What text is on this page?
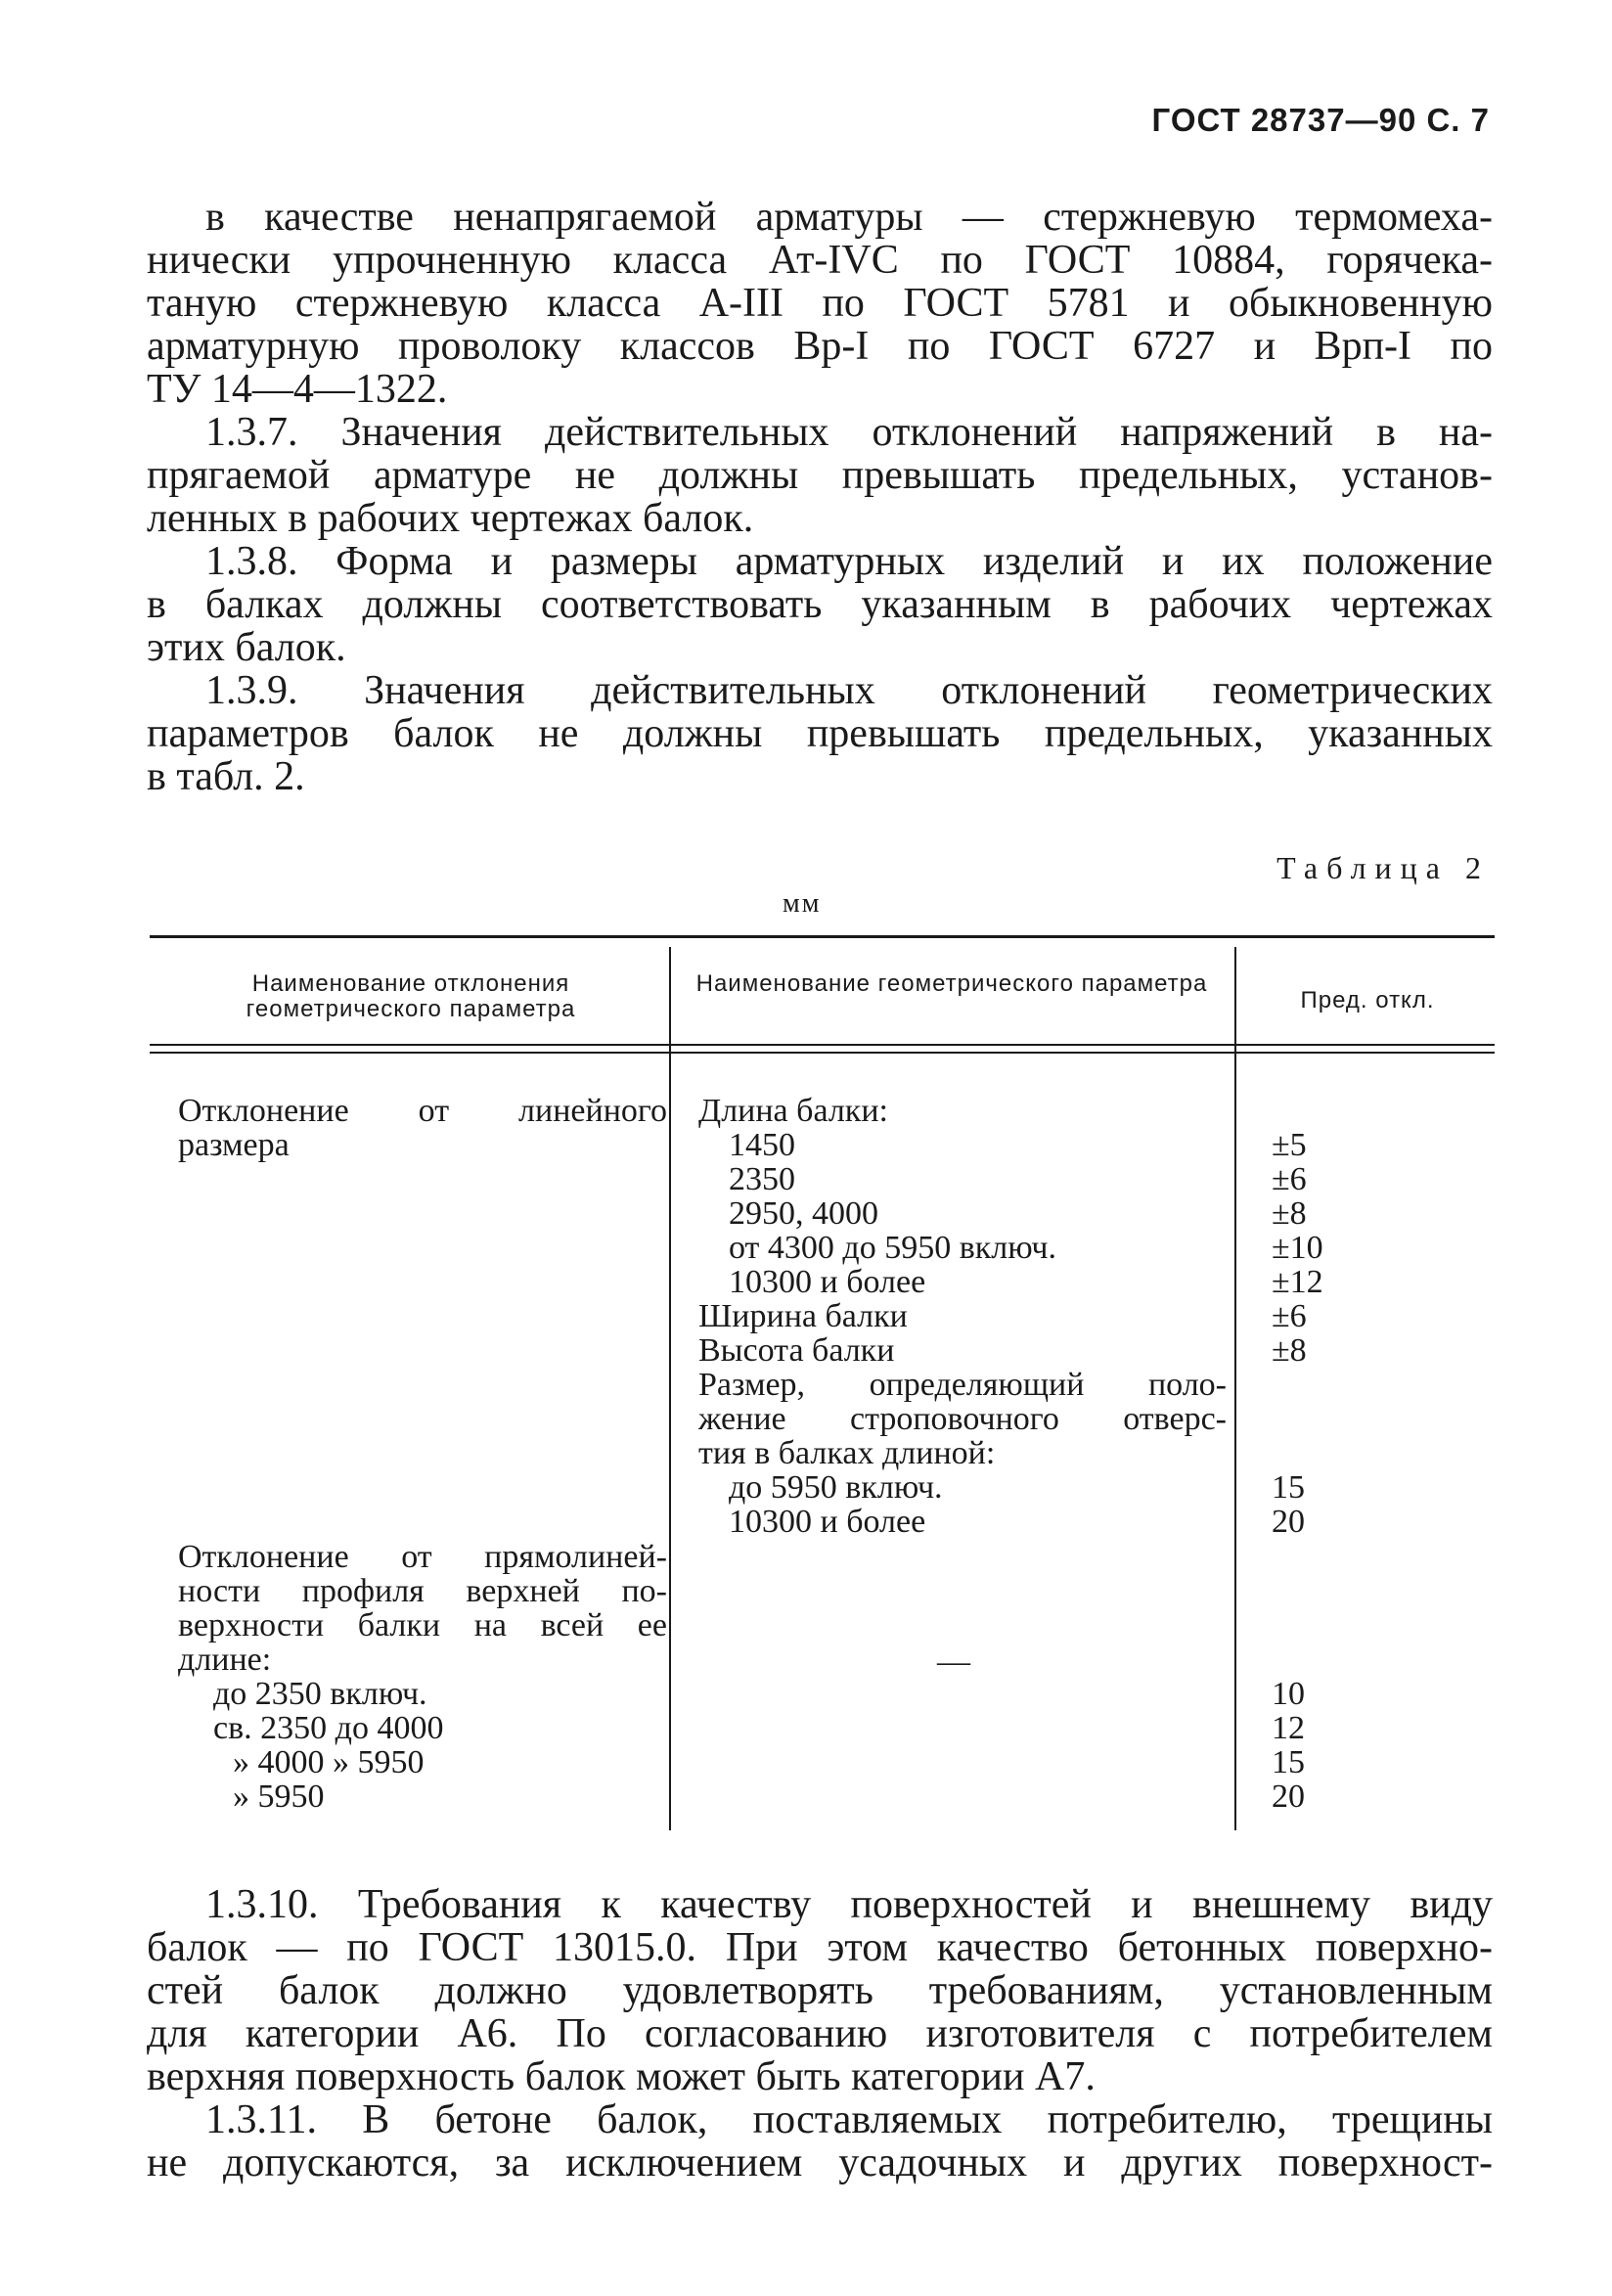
ГОСТ 28737—90 С. 7
в качестве ненапрягаемой арматуры — стержневую термомеха-
нически упрочненную класса Ат-IVС по ГОСТ 10884, горячека-
таную стержневую класса А-III по ГОСТ 5781 и обыкновенную
арматурную проволоку классов Вр-I по ГОСТ 6727 и Врп-I по
ТУ 14—4—1322.
1.3.7. Значения действительных отклонений напряжений в на-
прягаемой арматуре не должны превышать предельных, установ-
ленных в рабочих чертежах балок.
1.3.8. Форма и размеры арматурных изделий и их положение
в балках должны соответствовать указанным в рабочих чертежах
этих балок.
1.3.9. Значения действительных отклонений геометрических
параметров балок не должны превышать предельных, указанных
в табл. 2.
Таблица 2
мм
Наименование отклонения геометрического параметра
Наименование геометрического параметра
Пред. откл.
Отклонение от линейного
размера
Отклонение от прямолиней-
ности профиля верхней по-
верхности балки на всей ее
длине:
до 2350 включ.
св. 2350 до 4000
» 4000 » 5950
» 5950
Длина балки:
1450
2350
2950, 4000
от 4300 до 5950 включ.
10300 и более
Ширина балки
Высота балки
Размер, определяющий поло-
жение строповочного отверс-
тия в балках длиной:
до 5950 включ.
10300 и более
—
±5
±6
±8
±10
±12
±6
±8
15
20
10
12
15
20
1.3.10. Требования к качеству поверхностей и внешнему виду
балок — по ГОСТ 13015.0. При этом качество бетонных поверхно-
стей балок должно удовлетворять требованиям, установленным
для категории А6. По согласованию изготовителя с потребителем
верхняя поверхность балок может быть категории А7.
1.3.11. В бетоне балок, поставляемых потребителю, трещины
не допускаются, за исключением усадочных и других поверхност-
